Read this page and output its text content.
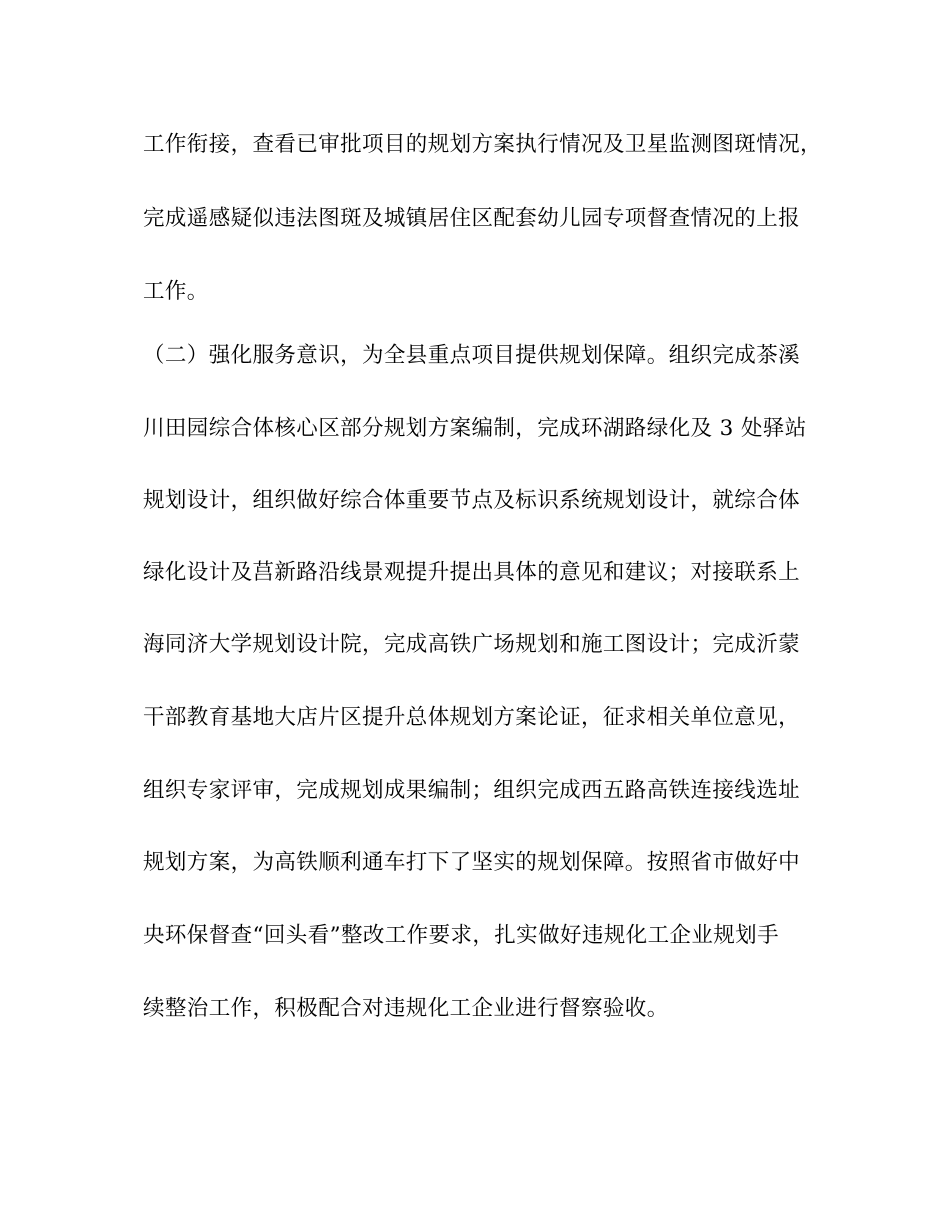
工作衔接，查看已审批项目的规划方案执行情况及卫星监测图斑情况，
完成遥感疑似违法图斑及城镇居住区配套幼儿园专项督查情况的上报
工作。
（二）强化服务意识，为全县重点项目提供规划保障。组织完成茶溪
川田园综合体核心区部分规划方案编制，完成环湖路绿化及 3 处驿站
规划设计，组织做好综合体重要节点及标识系统规划设计，就综合体
绿化设计及莒新路沿线景观提升提出具体的意见和建议；对接联系上
海同济大学规划设计院，完成高铁广场规划和施工图设计；完成沂蒙
干部教育基地大店片区提升总体规划方案论证，征求相关单位意见，
组织专家评审，完成规划成果编制；组织完成西五路高铁连接线选址
规划方案，为高铁顺利通车打下了坚实的规划保障。按照省市做好中
央环保督查“回头看”整改工作要求，扎实做好违规化工企业规划手
续整治工作，积极配合对违规化工企业进行督察验收。
